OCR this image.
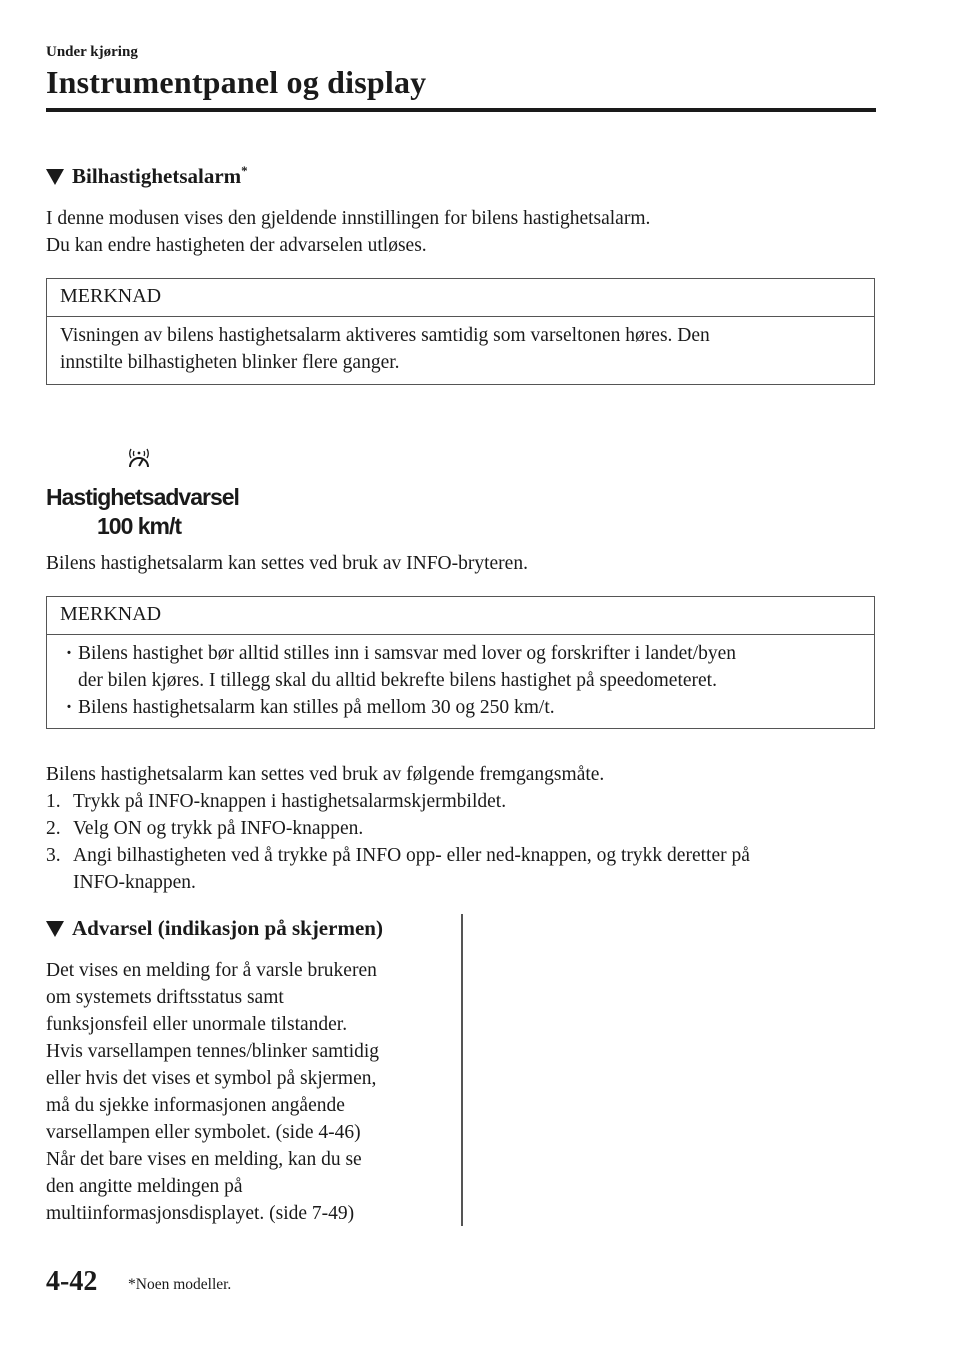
Under kjøring
Instrumentpanel og display
Bilhastighetsalarm*
I denne modusen vises den gjeldende innstillingen for bilens hastighetsalarm.
Du kan endre hastigheten der advarselen utløses.
MERKNAD
Visningen av bilens hastighetsalarm aktiveres samtidig som varseltonen høres. Den
innstilte bilhastigheten blinker flere ganger.
Hastighetsadvarsel
100 km/t
Bilens hastighetsalarm kan settes ved bruk av INFO-bryteren.
MERKNAD
· Bilens hastighet bør alltid stilles inn i samsvar med lover og forskrifter i landet/byen
der bilen kjøres. I tillegg skal du alltid bekrefte bilens hastighet på speedometeret.
· Bilens hastighetsalarm kan stilles på mellom 30 og 250 km/t.
Bilens hastighetsalarm kan settes ved bruk av følgende fremgangsmåte.
1. Trykk på INFO-knappen i hastighetsalarmskjermbildet.
2. Velg ON og trykk på INFO-knappen.
3. Angi bilhastigheten ved å trykke på INFO opp- eller ned-knappen, og trykk deretter på
INFO-knappen.
Advarsel (indikasjon på skjermen)
Det vises en melding for å varsle brukeren
om systemets driftsstatus samt
funksjonsfeil eller unormale tilstander.
Hvis varsellampen tennes/blinker samtidig
eller hvis det vises et symbol på skjermen,
må du sjekke informasjonen angående
varsellampen eller symbolet. (side 4-46)
Når det bare vises en melding, kan du se
den angitte meldingen på
multiinformasjonsdisplayet. (side 7-49)
4-42 *Noen modeller.
